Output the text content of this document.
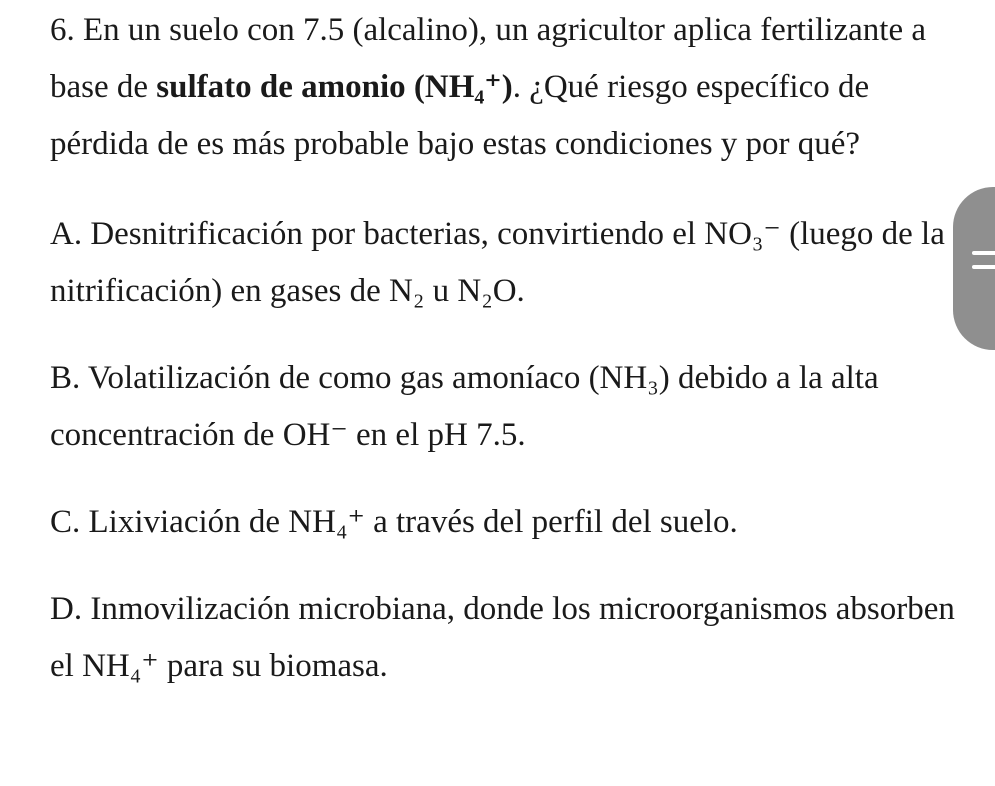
6. En un suelo con 7.5 (alcalino), un agricultor aplica fertilizante a base de sulfato de amonio (NH₄⁺). ¿Qué riesgo específico de pérdida de es más probable bajo estas condiciones y por qué?

A. Desnitrificación por bacterias, convirtiendo el NO₃⁻ (luego de la nitrificación) en gases de N₂ u N₂O.

B. Volatilización de como gas amoníaco (NH₃) debido a la alta concentración de OH⁻ en el pH 7.5.

C. Lixiviación de NH₄⁺ a través del perfil del suelo.

D. Inmovilización microbiana, donde los microorganismos absorben el NH₄⁺ para su biomasa.
